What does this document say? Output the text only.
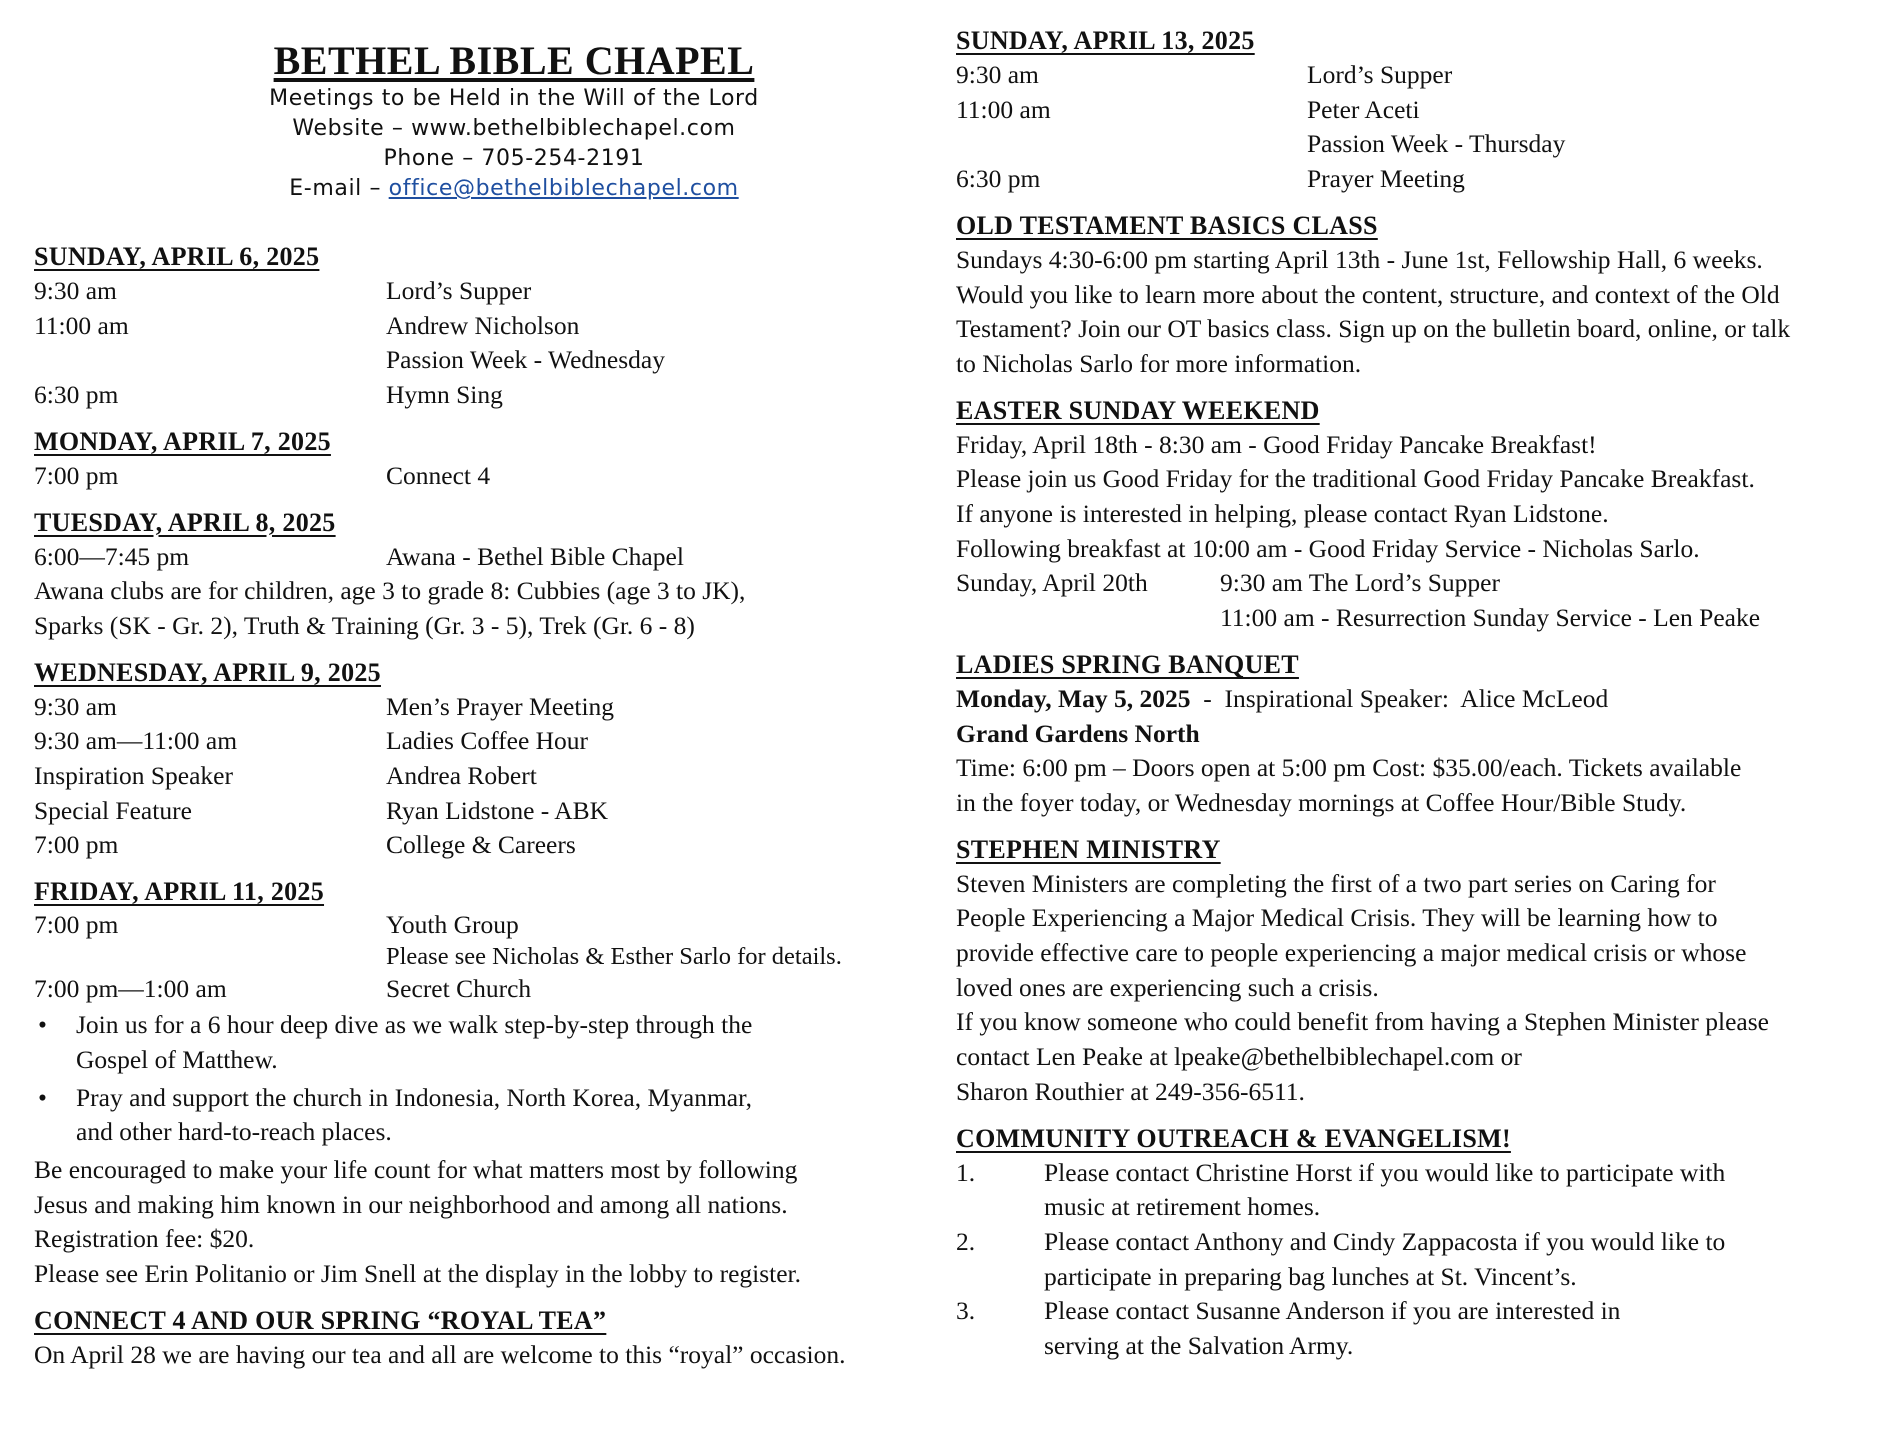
BETHEL BIBLE CHAPEL
Meetings to be Held in the Will of the Lord
Website – www.bethelbiblechapel.com
Phone – 705-254-2191
E-mail – office@bethelbiblechapel.com
SUNDAY, APRIL 6, 2025
9:30 am	Lord’s Supper
11:00 am	Andrew Nicholson
Passion Week - Wednesday
6:30 pm	Hymn Sing
MONDAY, APRIL 7, 2025
7:00 pm	Connect 4
TUESDAY, APRIL 8, 2025
6:00—7:45 pm	Awana - Bethel Bible Chapel
Awana clubs are for children, age 3 to grade 8: Cubbies (age 3 to JK),
Sparks (SK - Gr. 2), Truth & Training (Gr. 3 - 5), Trek (Gr. 6 - 8)
WEDNESDAY, APRIL 9, 2025
9:30 am	Men’s Prayer Meeting
9:30 am—11:00 am	Ladies Coffee Hour
Inspiration Speaker	Andrea Robert
Special Feature	Ryan Lidstone - ABK
7:00 pm	College & Careers
FRIDAY, APRIL 11, 2025
7:00 pm	Youth Group
Please see Nicholas & Esther Sarlo for details.
7:00 pm—1:00 am	Secret Church
•	Join us for a 6 hour deep dive as we walk step-by-step through the
Gospel of Matthew.
•	Pray and support the church in Indonesia, North Korea, Myanmar,
and other hard-to-reach places.
Be encouraged to make your life count for what matters most by following
Jesus and making him known in our neighborhood and among all nations.
Registration fee: $20.
Please see Erin Politanio or Jim Snell at the display in the lobby to register.
CONNECT 4 AND OUR SPRING “ROYAL TEA”
On April 28 we are having our tea and all are welcome to this “royal” occasion.
SUNDAY, APRIL 13, 2025
9:30 am	Lord’s Supper
11:00 am	Peter Aceti
Passion Week - Thursday
6:30 pm	Prayer Meeting
OLD TESTAMENT BASICS CLASS
Sundays 4:30-6:00 pm starting April 13th - June 1st, Fellowship Hall, 6 weeks.
Would you like to learn more about the content, structure, and context of the Old
Testament? Join our OT basics class. Sign up on the bulletin board, online, or talk
to Nicholas Sarlo for more information.
EASTER SUNDAY WEEKEND
Friday, April 18th - 8:30 am - Good Friday Pancake Breakfast!
Please join us Good Friday for the traditional Good Friday Pancake Breakfast.
If anyone is interested in helping, please contact Ryan Lidstone.
Following breakfast at 10:00 am - Good Friday Service - Nicholas Sarlo.
Sunday, April 20th	9:30 am The Lord’s Supper
11:00 am - Resurrection Sunday Service - Len Peake
LADIES SPRING BANQUET
Monday, May 5, 2025  -  Inspirational Speaker:  Alice McLeod
Grand Gardens North
Time: 6:00 pm – Doors open at 5:00 pm Cost: $35.00/each. Tickets available
in the foyer today, or Wednesday mornings at Coffee Hour/Bible Study.
STEPHEN MINISTRY
Steven Ministers are completing the first of a two part series on Caring for
People Experiencing a Major Medical Crisis. They will be learning how to
provide effective care to people experiencing a major medical crisis or whose
loved ones are experiencing such a crisis.
If you know someone who could benefit from having a Stephen Minister please
contact Len Peake at lpeake@bethelbiblechapel.com or
Sharon Routhier at 249-356-6511.
COMMUNITY OUTREACH & EVANGELISM!
1.	Please contact Christine Horst if you would like to participate with
music at retirement homes.
2.	Please contact Anthony and Cindy Zappacosta if you would like to
participate in preparing bag lunches at St. Vincent’s.
3.	Please contact Susanne Anderson if you are interested in
serving at the Salvation Army.
